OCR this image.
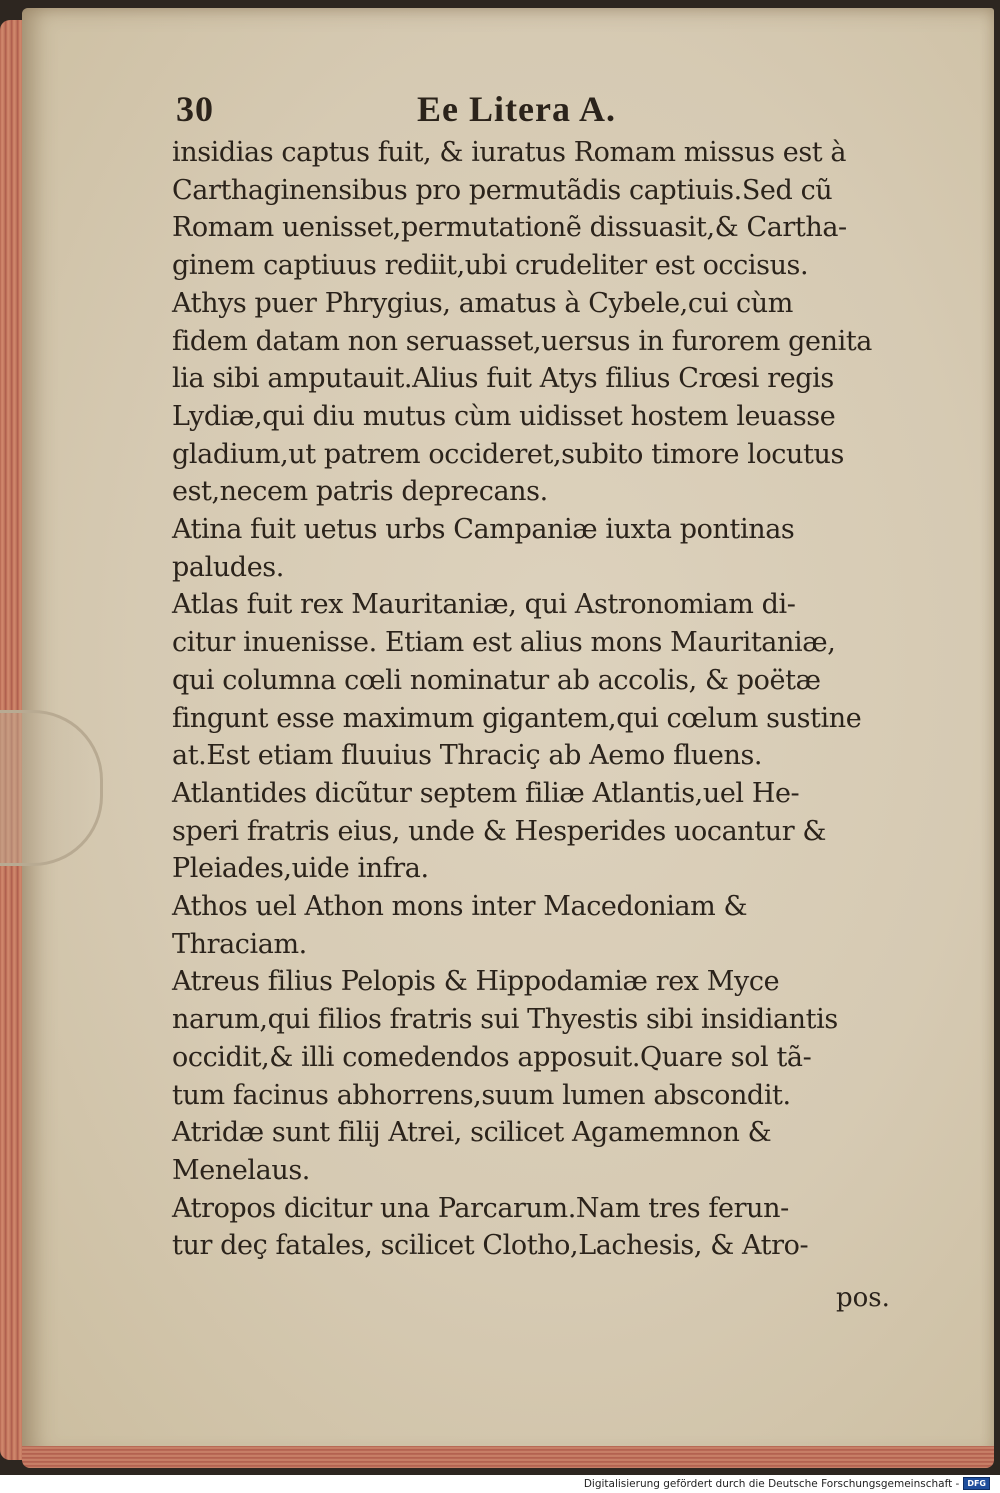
30	Ee Litera A.
insidias captus fuit, & iuratus Romam missus est à
Carthaginensibus pro permutãdis captiuis.Sed cũ
Romam uenisset,permutationẽ dissuasit,& Cartha-
ginem captiuus rediit,ubi crudeliter est occisus.
Athys puer Phrygius, amatus à Cybele,cui cùm
fidem datam non seruasset,uersus in furorem genita
lia sibi amputauit.Alius fuit Atys filius Crœsi regis
Lydiæ,qui diu mutus cùm uidisset hostem leuasse
gladium,ut patrem occideret,subito timore locutus
est,necem patris deprecans.
Atina fuit uetus urbs Campaniæ iuxta pontinas
paludes.
Atlas fuit rex Mauritaniæ, qui Astronomiam di-
citur inuenisse. Etiam est alius mons Mauritaniæ,
qui columna cœli nominatur ab accolis, & poëtæ
fingunt esse maximum gigantem,qui cœlum sustine
at.Est etiam fluuius Thraciç ab Aemo fluens.
Atlantides dicũtur septem filiæ Atlantis,uel He-
speri fratris eius, unde & Hesperides uocantur &
Pleiades,uide infra.
Athos uel Athon mons inter Macedoniam &
Thraciam.
Atreus filius Pelopis & Hippodamiæ rex Myce
narum,qui filios fratris sui Thyestis sibi insidiantis
occidit,& illi comedendos apposuit.Quare sol tã-
tum facinus abhorrens,suum lumen abscondit.
Atridæ sunt filij Atrei, scilicet Agamemnon &
Menelaus.
Atropos dicitur una Parcarum.Nam tres ferun-
tur deç fatales, scilicet Clotho,Lachesis, & Atro-
pos.
Digitalisierung gefördert durch die Deutsche Forschungsgemeinschaft -	DFG
